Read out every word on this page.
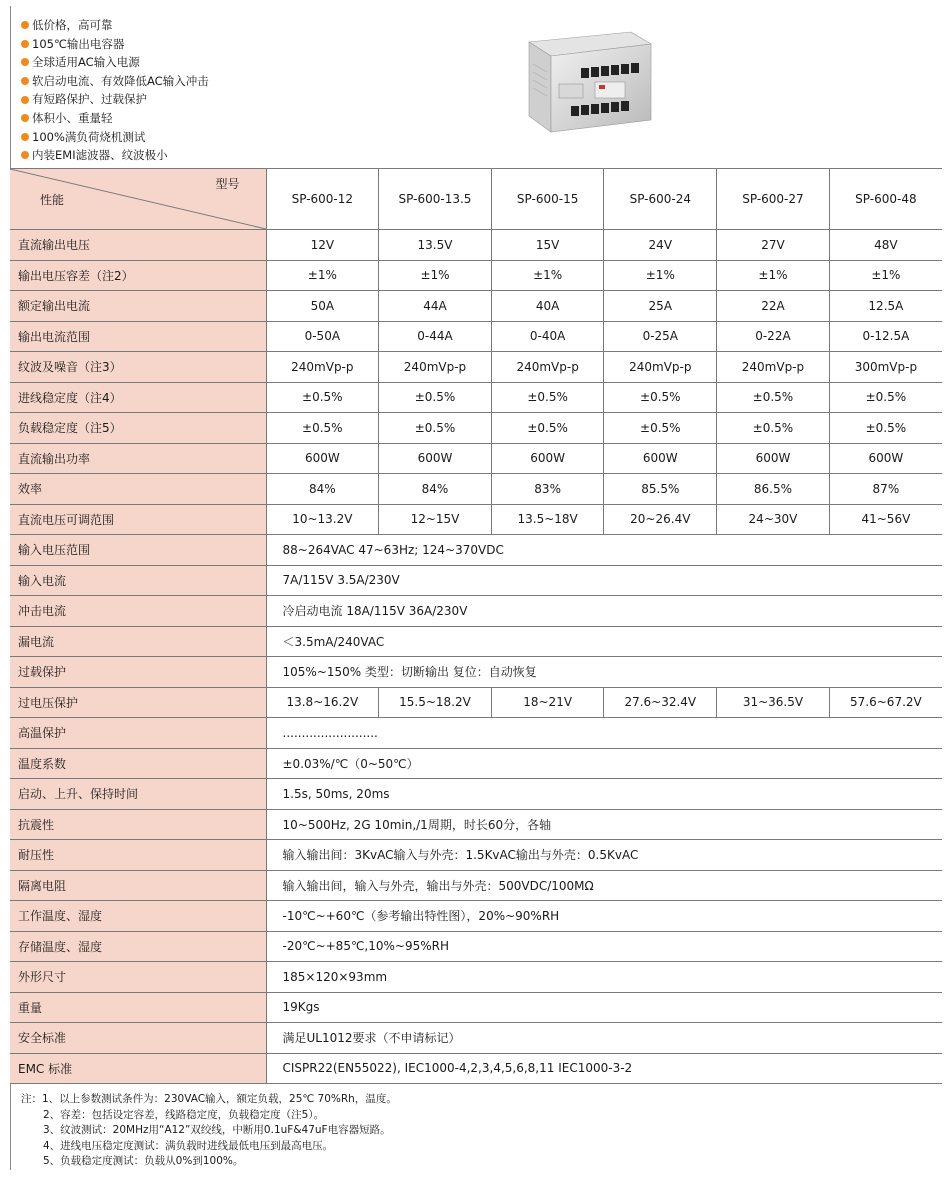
低价格，高可靠
105℃输出电容器
全球适用AC输入电源
软启动电流、有效降低AC输入冲击
有短路保护、过载保护
体积小、重量轻
100%满负荷烧机测试
内装EMI滤波器、纹波极小
型号
性能	SP-600-12	SP-600-13.5	SP-600-15	SP-600-24	SP-600-27	SP-600-48
直流输出电压	12V	13.5V	15V	24V	27V	48V
输出电压容差（注2）	±1%	±1%	±1%	±1%	±1%	±1%
额定输出电流	50A	44A	40A	25A	22A	12.5A
输出电流范围	0-50A	0-44A	0-40A	0-25A	0-22A	0-12.5A
纹波及噪音（注3）	240mVp-p	240mVp-p	240mVp-p	240mVp-p	240mVp-p	300mVp-p
进线稳定度（注4）	±0.5%	±0.5%	±0.5%	±0.5%	±0.5%	±0.5%
负载稳定度（注5）	±0.5%	±0.5%	±0.5%	±0.5%	±0.5%	±0.5%
直流输出功率	600W	600W	600W	600W	600W	600W
效率	84%	84%	83%	85.5%	86.5%	87%
直流电压可调范围	10~13.2V	12~15V	13.5~18V	20~26.4V	24~30V	41~56V
输入电压范围	88~264VAC 47~63Hz; 124~370VDC					
输入电流	7A/115V 3.5A/230V					
冲击电流	冷启动电流 18A/115V 36A/230V					
漏电流	＜3.5mA/240VAC					
过载保护	105%~150% 类型：切断输出 复位：自动恢复					
过电压保护	13.8~16.2V	15.5~18.2V	18~21V	27.6~32.4V	31~36.5V	57.6~67.2V
高温保护	.........................					
温度系数	±0.03%/℃（0~50℃）					
启动、上升、保持时间	1.5s, 50ms, 20ms					
抗震性	10~500Hz, 2G 10min,/1周期，时长60分，各轴					
耐压性	输入输出间：3KvAC输入与外壳：1.5KvAC输出与外壳：0.5KvAC					
隔离电阻	输入输出间，输入与外壳，输出与外壳：500VDC/100MΩ					
工作温度、湿度	-10℃~+60℃（参考输出特性图），20%~90%RH					
存储温度、湿度	-20℃~+85℃,10%~95%RH					
外形尺寸	185×120×93mm					
重量	19Kgs					
安全标准	满足UL1012要求（不申请标记）					
EMC 标准	CISPR22(EN55022), IEC1000-4,2,3,4,5,6,8,11 IEC1000-3-2					
注：1、以上参数测试条件为：230VAC输入，额定负载，25℃ 70%Rh，温度。
2、容差：包括设定容差，线路稳定度，负载稳定度（注5）。
3、纹波测试：20MHz用“A12”双绞线，中断用0.1uF&47uF电容器短路。
4、进线电压稳定度测试：满负载时进线最低电压到最高电压。
5、负载稳定度测试：负载从0%到100%。
